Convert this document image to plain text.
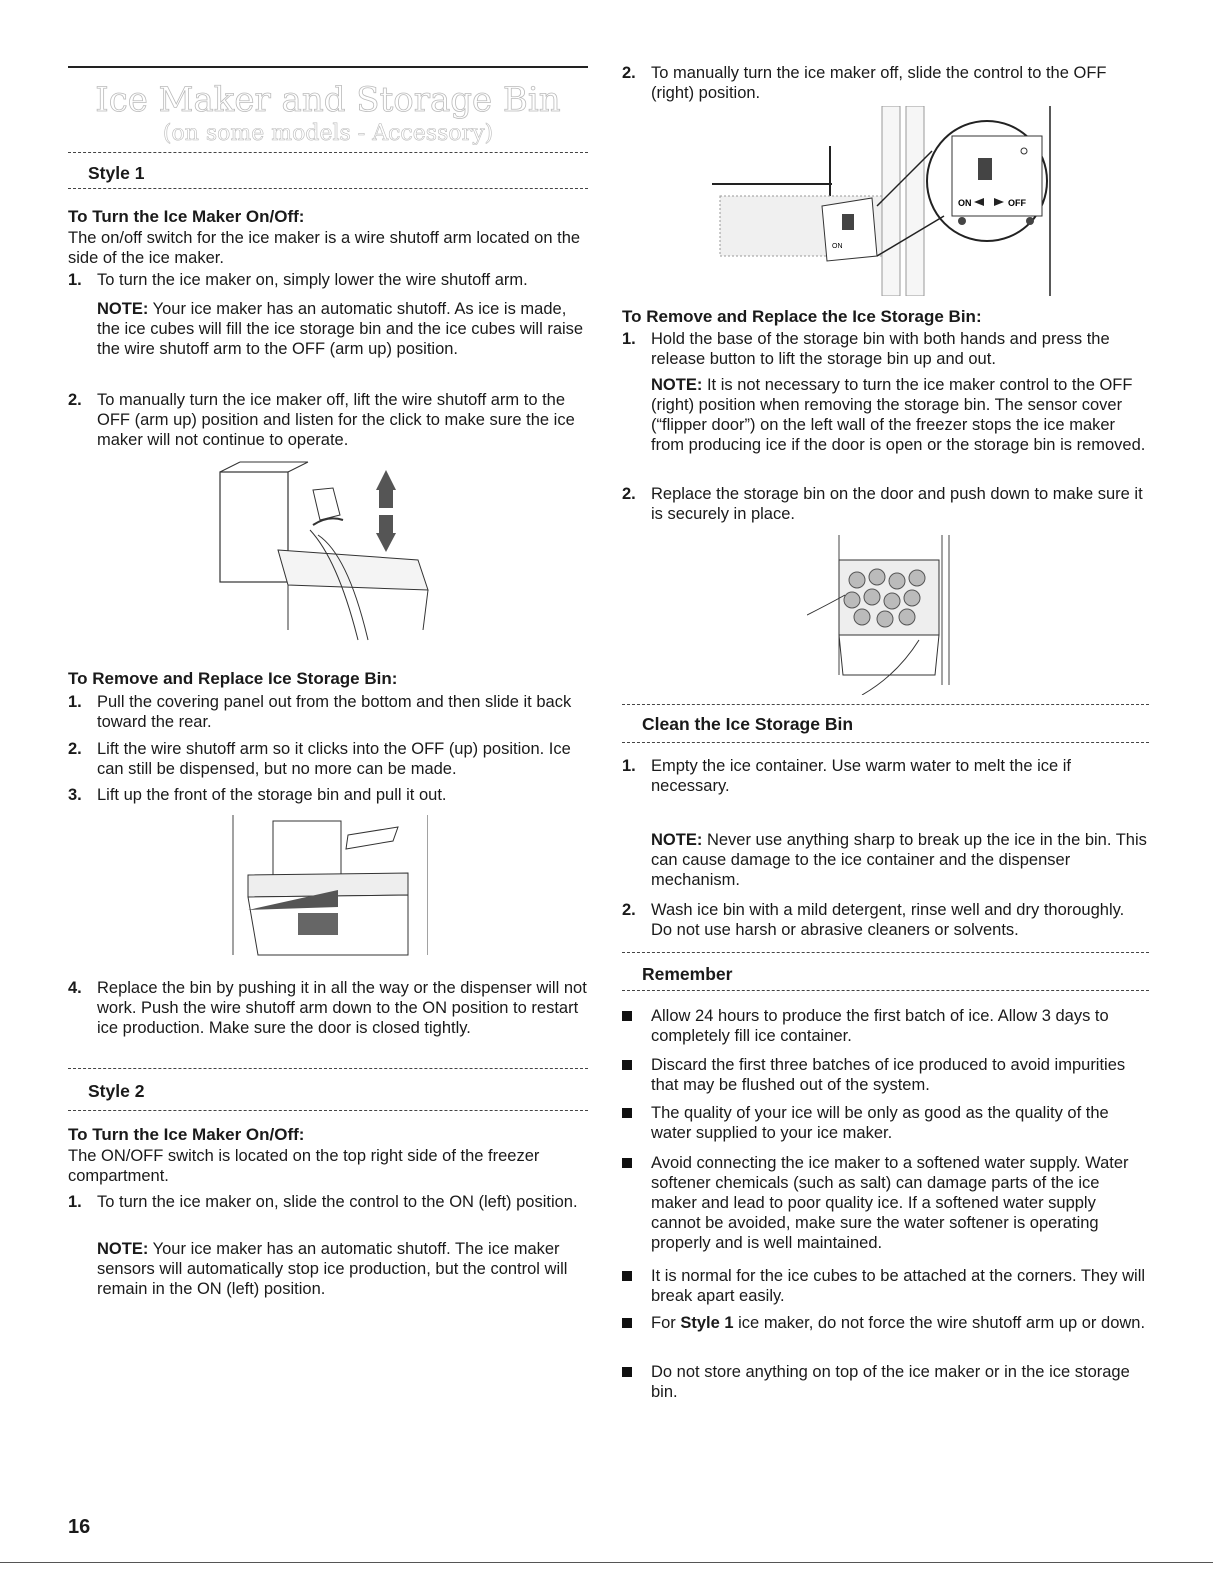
Ice Maker and Storage Bin
(on some models - Accessory)
Style 1
To Turn the Ice Maker On/Off:
The on/off switch for the ice maker is a wire shutoff arm located on the side of the ice maker.
1. To turn the ice maker on, simply lower the wire shutoff arm.
NOTE: Your ice maker has an automatic shutoff. As ice is made, the ice cubes will fill the ice storage bin and the ice cubes will raise the wire shutoff arm to the OFF (arm up) position.
2. To manually turn the ice maker off, lift the wire shutoff arm to the OFF (arm up) position and listen for the click to make sure the ice maker will not continue to operate.
To Remove and Replace Ice Storage Bin:
1. Pull the covering panel out from the bottom and then slide it back toward the rear.
2. Lift the wire shutoff arm so it clicks into the OFF (up) position. Ice can still be dispensed, but no more can be made.
3. Lift up the front of the storage bin and pull it out.
4. Replace the bin by pushing it in all the way or the dispenser will not work. Push the wire shutoff arm down to the ON position to restart ice production. Make sure the door is closed tightly.
Style 2
To Turn the Ice Maker On/Off:
The ON/OFF switch is located on the top right side of the freezer compartment.
1. To turn the ice maker on, slide the control to the ON (left) position.
NOTE: Your ice maker has an automatic shutoff. The ice maker sensors will automatically stop ice production, but the control will remain in the ON (left) position.
16
2. To manually turn the ice maker off, slide the control to the OFF (right) position.
ON
ON	OFF
To Remove and Replace the Ice Storage Bin:
1. Hold the base of the storage bin with both hands and press the release button to lift the storage bin up and out.
NOTE: It is not necessary to turn the ice maker control to the OFF (right) position when removing the storage bin. The sensor cover (“flipper door”) on the left wall of the freezer stops the ice maker from producing ice if the door is open or the storage bin is removed.
2. Replace the storage bin on the door and push down to make sure it is securely in place.
Clean the Ice Storage Bin
1. Empty the ice container. Use warm water to melt the ice if necessary.
NOTE: Never use anything sharp to break up the ice in the bin. This can cause damage to the ice container and the dispenser mechanism.
2. Wash ice bin with a mild detergent, rinse well and dry thoroughly. Do not use harsh or abrasive cleaners or solvents.
Remember
Allow 24 hours to produce the first batch of ice. Allow 3 days to completely fill ice container.
Discard the first three batches of ice produced to avoid impurities that may be flushed out of the system.
The quality of your ice will be only as good as the quality of the water supplied to your ice maker.
Avoid connecting the ice maker to a softened water supply. Water softener chemicals (such as salt) can damage parts of the ice maker and lead to poor quality ice. If a softened water supply cannot be avoided, make sure the water softener is operating properly and is well maintained.
It is normal for the ice cubes to be attached at the corners. They will break apart easily.
For Style 1 ice maker, do not force the wire shutoff arm up or down.
Do not store anything on top of the ice maker or in the ice storage bin.
